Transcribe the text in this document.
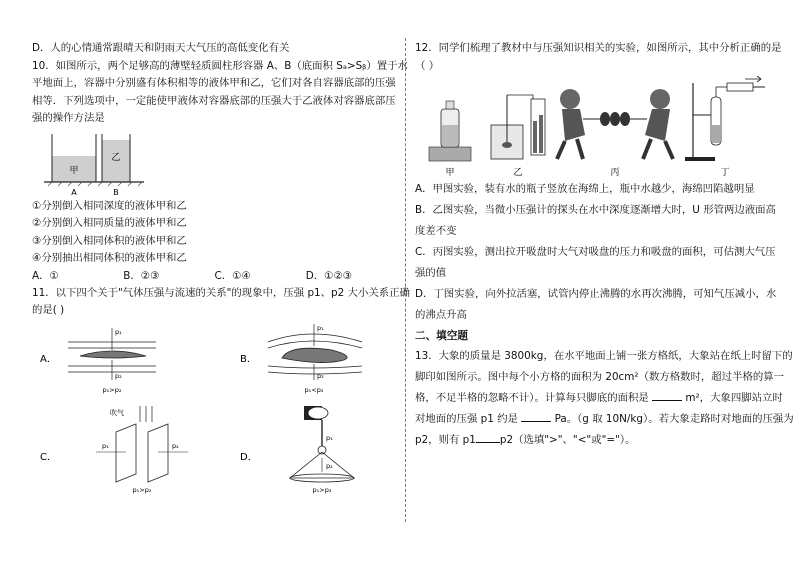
D．人的心情通常跟晴天和阴雨天大气压的高低变化有关
10．如图所示，两个足够高的薄壁轻质圆柱形容器 A、B（底面积 Sₐ>Sᵦ）置于水
平地面上，容器中分别盛有体积相等的液体甲和乙，它们对各自容器底部的压强
相等．下列选项中，一定能使甲液体对容器底部的压强大于乙液体对容器底部压
强的操作方法是
甲
乙
A	B
①分别倒入相同深度的液体甲和乙
②分别倒入相同质量的液体甲和乙
③分别倒入相同体积的液体甲和乙
④分别抽出相同体积的液体甲和乙
A．①	B．②③	C．①④	D．①②③
11．以下四个关于"气体压强与流速的关系"的现象中，压强 p1、p2 大小关系正确
的是( )
A．
p₁
p₂
p₁>p₂
B．
p₁
p₂
p₁<p₂
C．
吹气
p₁	p₂
p₁>p₂
D．
p₁
p₂
p₁>p₂
12．同学们梳理了教材中与压强知识相关的实验，如图所示，其中分析正确的是
（ ）
甲	乙	丙	丁
A．甲图实验，装有水的瓶子竖放在海绵上，瓶中水越少，海绵凹陷越明显
B．乙图实验，当微小压强计的探头在水中深度逐渐增大时，U 形管两边液面高
度差不变
C．丙图实验，测出拉开吸盘时大气对吸盘的压力和吸盘的面积，可估测大气压
强的值
D．丁图实验，向外拉活塞，试管内停止沸腾的水再次沸腾，可知气压减小，水
的沸点升高
二、填空题
13．大象的质量是 3800kg，在水平地面上铺一张方格纸，大象站在纸上时留下的
脚印如图所示。图中每个小方格的面积为 20cm²（数方格数时，超过半格的算一
格，不足半格的忽略不计）。计算每只脚底的面积是	m²，大象四脚站立时
对地面的压强 p1 约是	Pa。（g 取 10N/kg）。若大象走路时对地面的压强为
p2，则有 p1 p2（选填">"、"<"或"="）。
